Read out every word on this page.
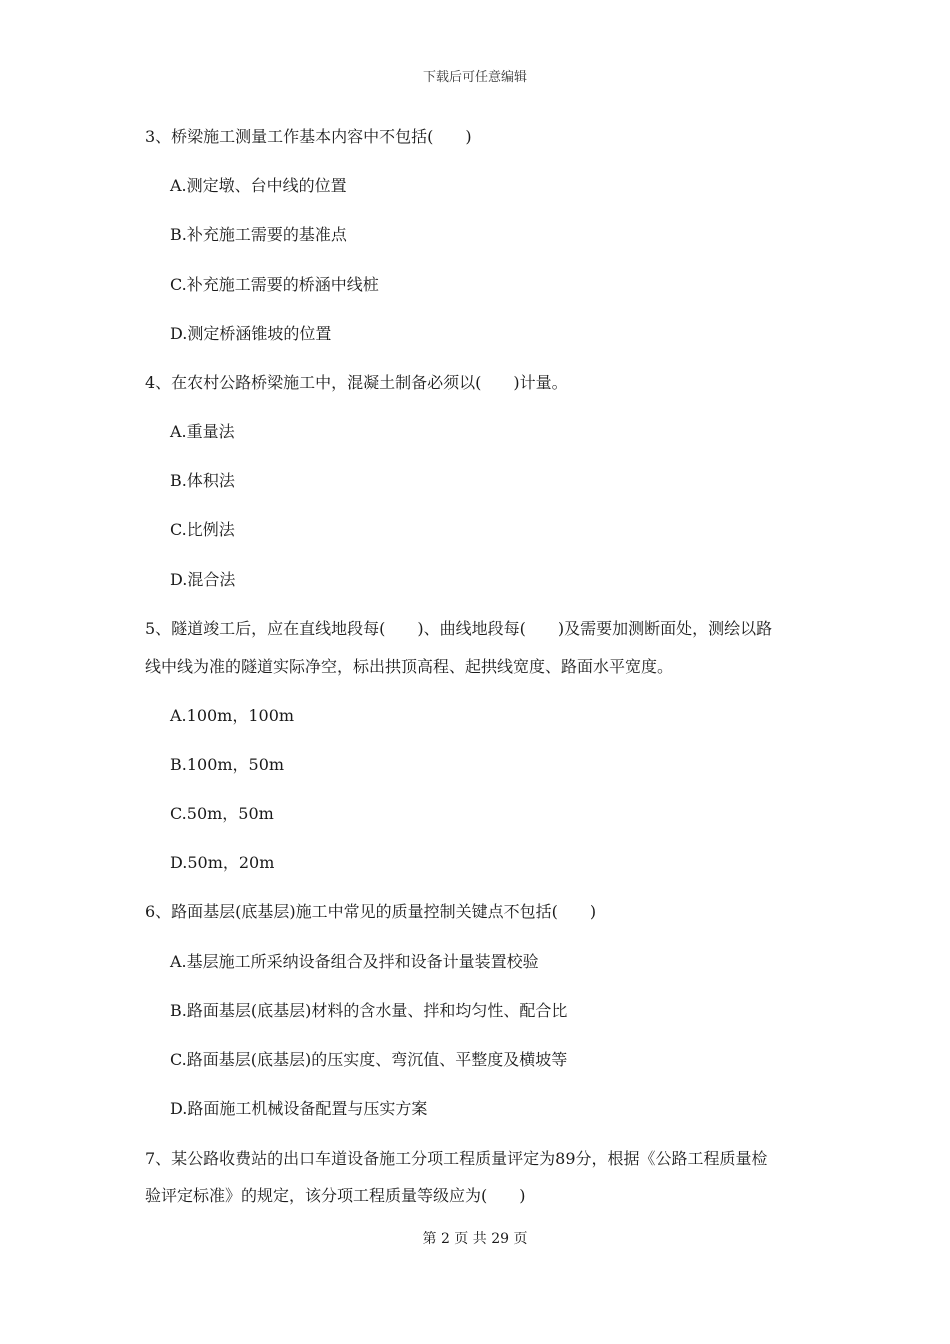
下载后可任意编辑
3、桥梁施工测量工作基本内容中不包括(　　)
A.测定墩、台中线的位置
B.补充施工需要的基准点
C.补充施工需要的桥涵中线桩
D.测定桥涵锥坡的位置
4、在农村公路桥梁施工中，混凝土制备必须以(　　)计量。
A.重量法
B.体积法
C.比例法
D.混合法
5、隧道竣工后，应在直线地段每(　　)、曲线地段每(　　)及需要加测断面处，测绘以路
线中线为准的隧道实际净空，标出拱顶高程、起拱线宽度、路面水平宽度。
A.100m，100m
B.100m，50m
C.50m，50m
D.50m，20m
6、路面基层(底基层)施工中常见的质量控制关键点不包括(　　)
A.基层施工所采纳设备组合及拌和设备计量装置校验
B.路面基层(底基层)材料的含水量、拌和均匀性、配合比
C.路面基层(底基层)的压实度、弯沉值、平整度及横坡等
D.路面施工机械设备配置与压实方案
7、某公路收费站的出口车道设备施工分项工程质量评定为89分，根据《公路工程质量检
验评定标准》的规定，该分项工程质量等级应为(　　)
第 2 页 共 29 页
